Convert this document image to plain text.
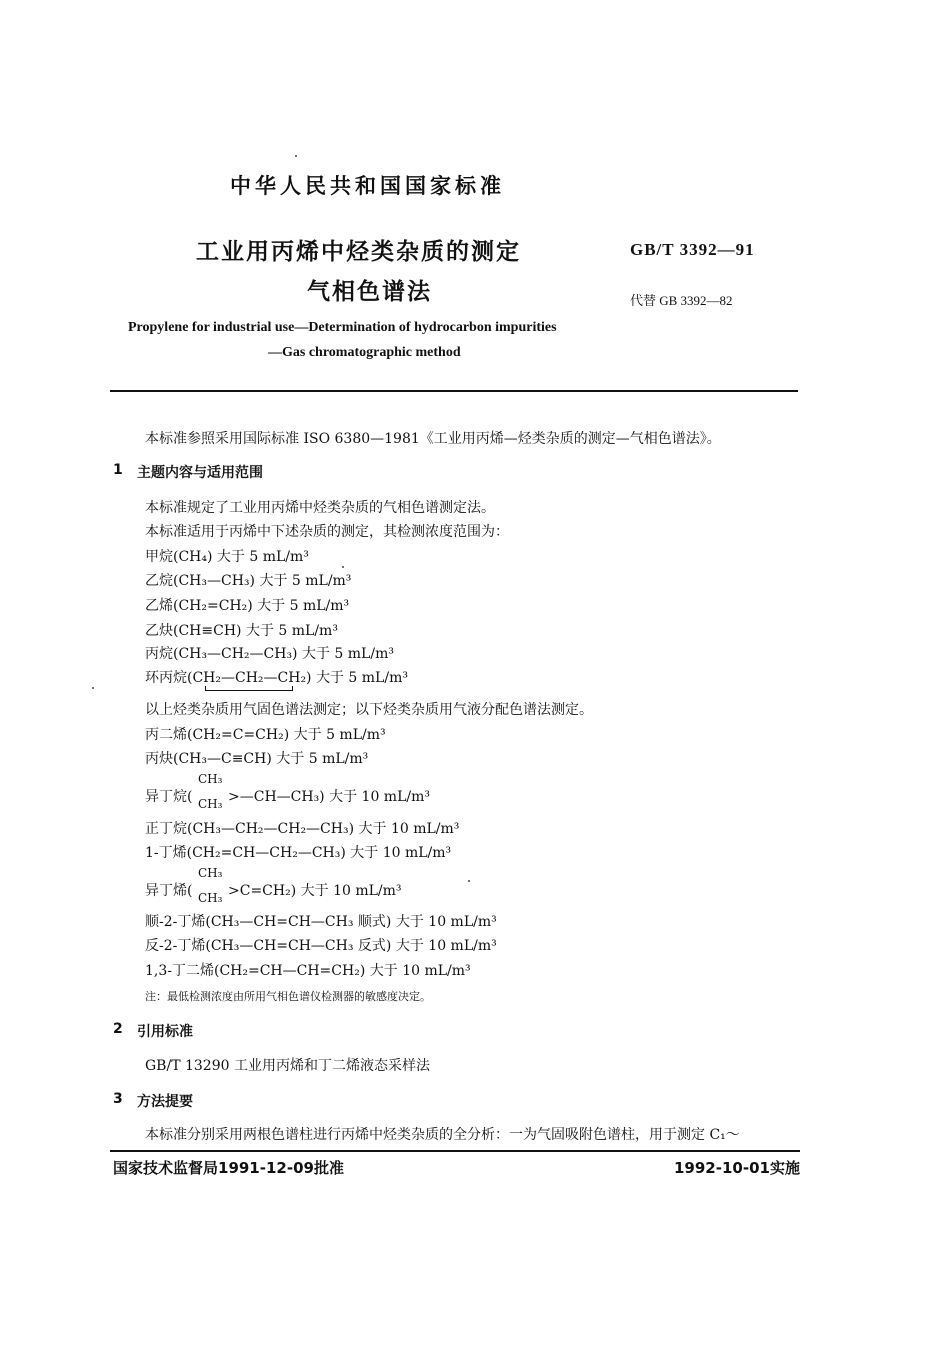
中华人民共和国国家标准
工业用丙烯中烃类杂质的测定
气相色谱法
GB/T 3392—91
代替 GB 3392—82
Propylene for industrial use—Determination of hydrocarbon impurities
—Gas chromatographic method
本标准参照采用国际标准 ISO 6380—1981《工业用丙烯—烃类杂质的测定—气相色谱法》。
1 主题内容与适用范围
本标准规定了工业用丙烯中烃类杂质的气相色谱测定法。
本标准适用于丙烯中下述杂质的测定，其检测浓度范围为：
甲烷(CH₄) 大于 5 mL/m³
乙烷(CH₃—CH₃) 大于 5 mL/m³
乙烯(CH₂=CH₂) 大于 5 mL/m³
乙炔(CH≡CH) 大于 5 mL/m³
丙烷(CH₃—CH₂—CH₃) 大于 5 mL/m³
环丙烷(CH₂—CH₂—CH₂) 大于 5 mL/m³
以上烃类杂质用气固色谱法测定；以下烃类杂质用气液分配色谱法测定。
丙二烯(CH₂=C=CH₂) 大于 5 mL/m³
丙炔(CH₃—C≡CH) 大于 5 mL/m³
异丁烷(
CH₃
CH₃ >—CH—CH₃) 大于 10 mL/m³
正丁烷(CH₃—CH₂—CH₂—CH₃) 大于 10 mL/m³
1-丁烯(CH₂=CH—CH₂—CH₃) 大于 10 mL/m³
异丁烯(
CH₃
CH₃ >C=CH₂) 大于 10 mL/m³
顺-2-丁烯(CH₃—CH=CH—CH₃ 顺式) 大于 10 mL/m³
反-2-丁烯(CH₃—CH=CH—CH₃ 反式) 大于 10 mL/m³
1,3-丁二烯(CH₂=CH—CH=CH₂) 大于 10 mL/m³
注：最低检测浓度由所用气相色谱仪检测器的敏感度决定。
2 引用标准
GB/T 13290 工业用丙烯和丁二烯液态采样法
3 方法提要
本标准分别采用两根色谱柱进行丙烯中烃类杂质的全分析：一为气固吸附色谱柱，用于测定 C₁～
国家技术监督局1991-12-09批准	1992-10-01实施
